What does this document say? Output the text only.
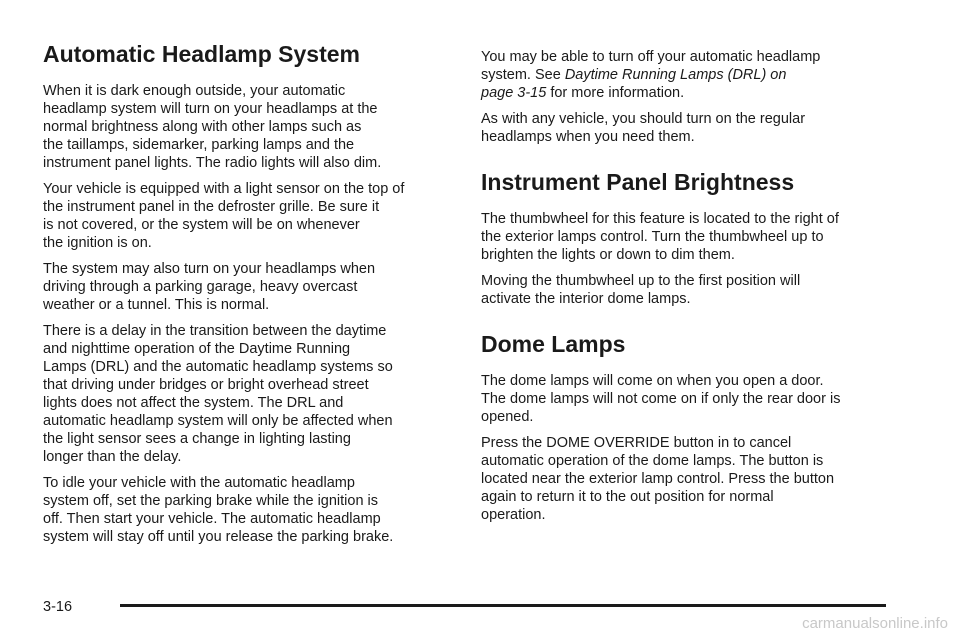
Automatic Headlamp System

When it is dark enough outside, your automatic
headlamp system will turn on your headlamps at the
normal brightness along with other lamps such as
the taillamps, sidemarker, parking lamps and the
instrument panel lights. The radio lights will also dim.

Your vehicle is equipped with a light sensor on the top of
the instrument panel in the defroster grille. Be sure it
is not covered, or the system will be on whenever
the ignition is on.

The system may also turn on your headlamps when
driving through a parking garage, heavy overcast
weather or a tunnel. This is normal.

There is a delay in the transition between the daytime
and nighttime operation of the Daytime Running
Lamps (DRL) and the automatic headlamp systems so
that driving under bridges or bright overhead street
lights does not affect the system. The DRL and
automatic headlamp system will only be affected when
the light sensor sees a change in lighting lasting
longer than the delay.

To idle your vehicle with the automatic headlamp
system off, set the parking brake while the ignition is
off. Then start your vehicle. The automatic headlamp
system will stay off until you release the parking brake.

You may be able to turn off your automatic headlamp
system. See Daytime Running Lamps (DRL) on
page 3-15 for more information.

As with any vehicle, you should turn on the regular
headlamps when you need them.

Instrument Panel Brightness

The thumbwheel for this feature is located to the right of
the exterior lamps control. Turn the thumbwheel up to
brighten the lights or down to dim them.

Moving the thumbwheel up to the first position will
activate the interior dome lamps.

Dome Lamps

The dome lamps will come on when you open a door.
The dome lamps will not come on if only the rear door is
opened.

Press the DOME OVERRIDE button in to cancel
automatic operation of the dome lamps. The button is
located near the exterior lamp control. Press the button
again to return it to the out position for normal
operation.

3-16
carmanualsonline.info
